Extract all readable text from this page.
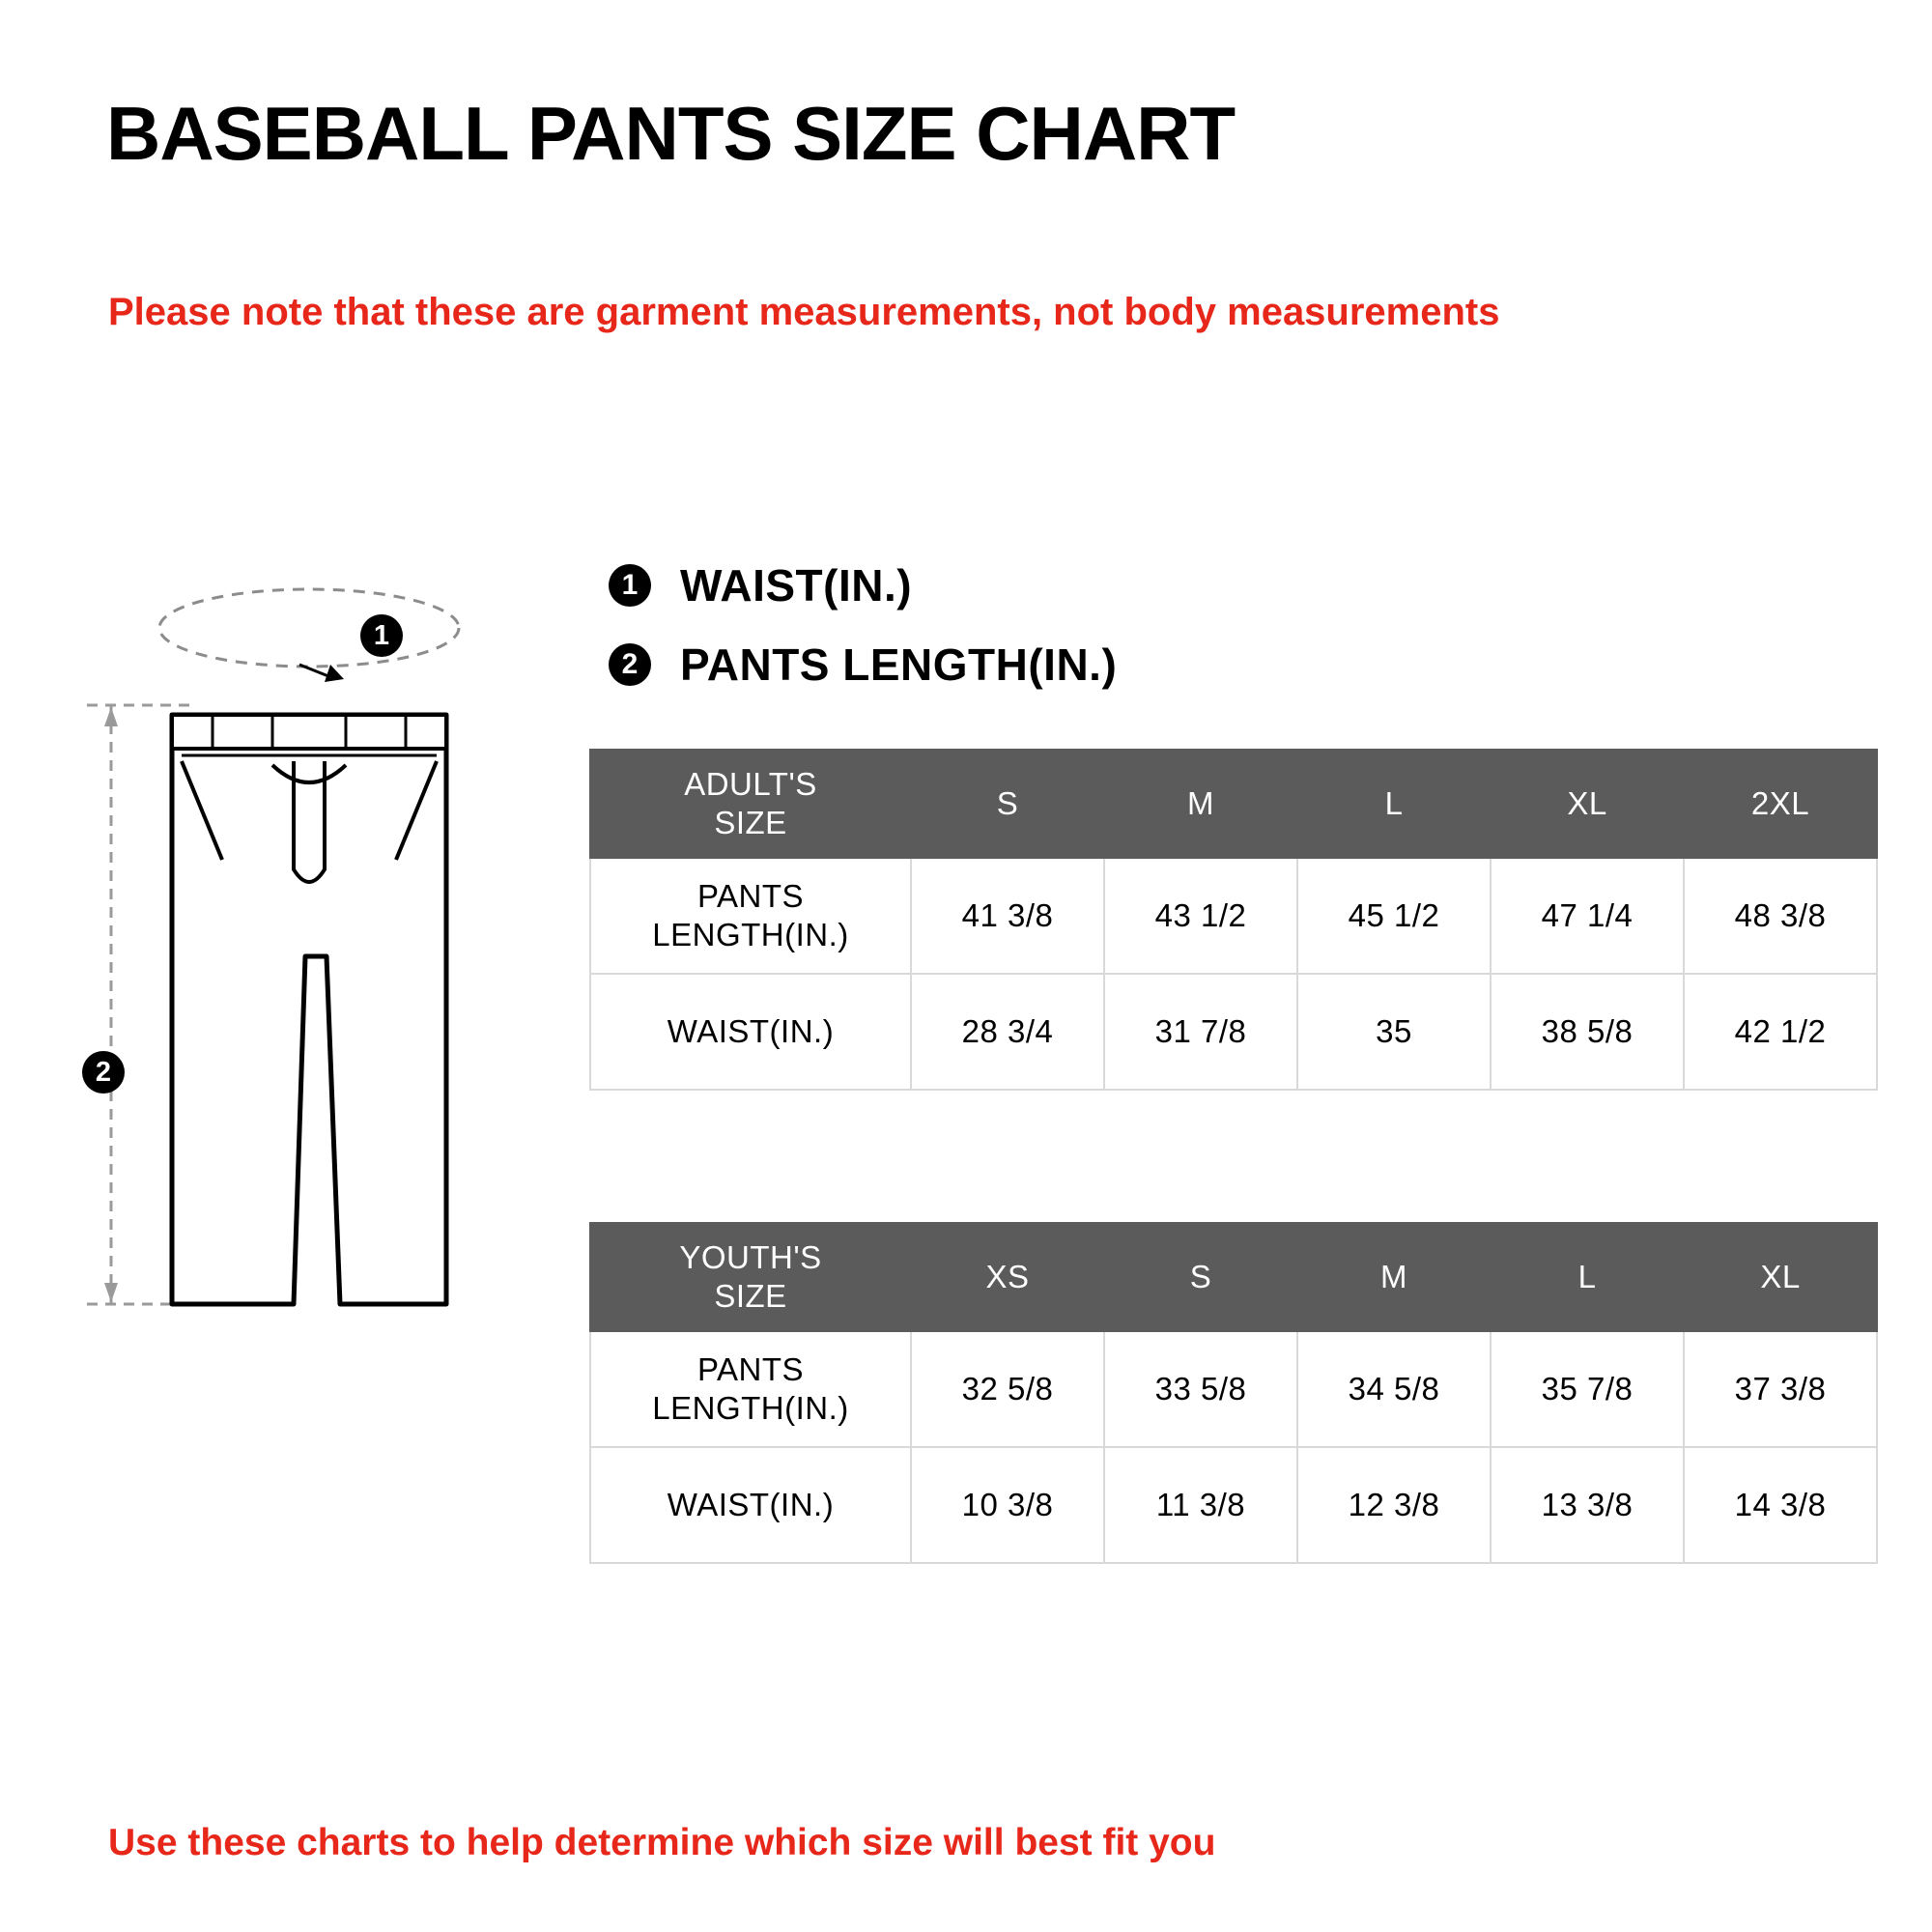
BASEBALL PANTS SIZE CHART
Please note that these are garment measurements, not body measurements
1
2
1 WAIST(IN.)
2 PANTS LENGTH(IN.)
ADULT'S
SIZE	S	M	L	XL	2XL

PANTS
LENGTH(IN.)	41 3/8	43 1/2	45 1/2	47 1/4	48 3/8
WAIST(IN.)	28 3/4	31 7/8	35	38 5/8	42 1/2
YOUTH'S
SIZE	XS	S	M	L	XL

PANTS
LENGTH(IN.)	32 5/8	33 5/8	34 5/8	35 7/8	37 3/8
WAIST(IN.)	10 3/8	11 3/8	12 3/8	13 3/8	14 3/8
Use these charts to help determine which size will best fit you
